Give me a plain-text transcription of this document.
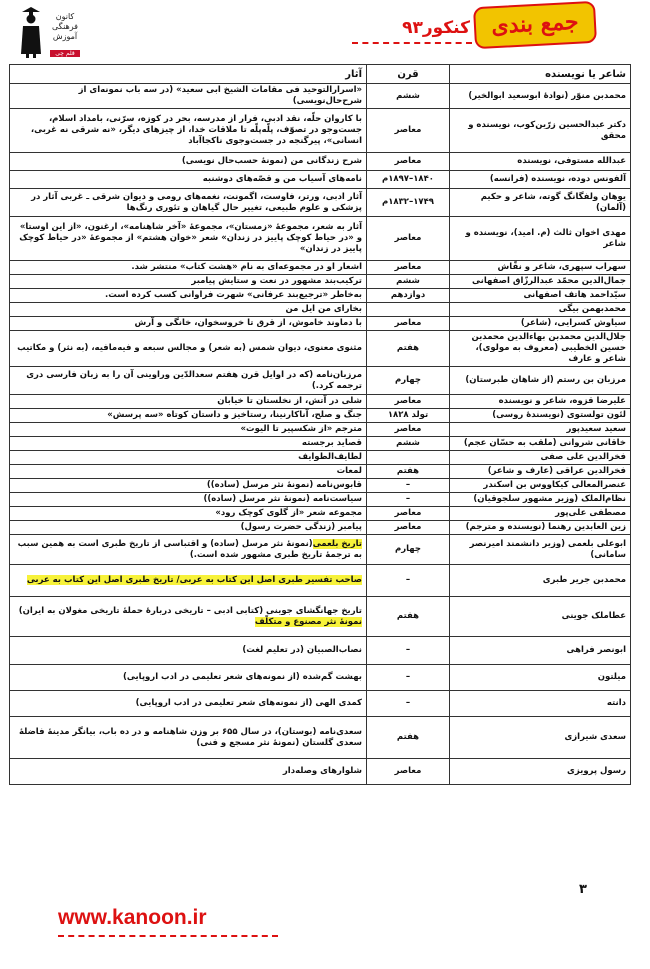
کانون
فرهنگی
آموزش
قلم چی
جمع بندی
کنکور۹۳
شاعر یا نویسنده	قرن	آثار
محمدبن منوّر (نوادهٔ ابوسعید ابوالخیر)	ششم	«اسرارالتوحید فی مقامات الشیخ ابی سعید» (در سه باب نمونه‌ای از شرح‌حال‌نویسی)
دکتر عبدالحسین زرّین‌کوب، نویسنده و محقق	معاصر	با کاروان حلّه، نقد ادبی، فرار از مدرسه، بحر در کوزه، سرّنی، بامداد اسلام، جست‌وجو در تصوّف، پلّه‌پلّه تا ملاقات خدا، از چیزهای دیگر، «نه شرقی نه غربی، انسانی»، پیرگنجه در جست‌وجوی ناکجاآباد
عبدالله مستوفی، نویسنده	معاصر	شرح زندگانی من (نمونهٔ حسب‌حال نویسی)
آلفونس دوده، نویسنده (فرانسه)	۱۸۴۰–۱۸۹۷م	نامه‌های آسیاب من و قصّه‌های دوشنبه
یوهان ولفگانگ گوته، شاعر و حکیم (آلمان)	۱۷۴۹–۱۸۳۲م	آثار ادبی، ورتر، فاوست، اگمونت، نغمه‌های رومی و دیوان شرقی ـ غربی آثار در پزشکی و علوم طبیعی، تغییر حال گیاهان و تئوری رنگ‌ها
مهدی اخوان ثالث (م. امید)، نویسنده و شاعر	معاصر	آثار به شعر، مجموعهٔ «زمستان»، مجموعهٔ «آخر شاهنامه»، ارغنون، «از این اوستا» و «در حیاط کوچک پاییز در زندان» شعر «خوان هشتم» از مجموعهٔ «در حیاط کوچک پاییز در زندان»
سهراب سپهری، شاعر و نقّاش	معاصر	اشعار او در مجموعه‌ای به نام «هشت کتاب» منتشر شد.
جمال‌الدین محمّد عبدالرزّاق اصفهانی	ششم	ترکیب‌بند مشهور در نعت و ستایش پیامبر
سیّداحمد هاتف اصفهانی	دوازدهم	به‌خاطر «ترجیع‌بند عرفانی» شهرت فراوانی کسب کرده است.
محمدبهمن بیگی		بخارای من ایل من
سیاوش کسرایی، (شاعر)	معاصر	با دماوند خاموش، از قرق تا خروسخوان، خانگی و آرش
جلال‌الدین محمدبن بهاءالدین محمدبن حسین الخطیبی (معروف به مولوی)، شاعر و عارف	هفتم	مثنوی معنوی، دیوان شمس (به شعر) و مجالس سبعه و فیه‌مافیه، (به نثر) و مکاتیب
مرزبان بن رستم (از شاهان طبرستان)	چهارم	مرزبان‌نامه (که در اوایل قرن هفتم سعدالدّین وراوینی آن را به زبان فارسی دری ترجمه کرد.)
علیرضا قزوه، شاعر و نویسنده	معاصر	شلی در آتش، از نخلستان تا خیابان
لئون تولستوی (نویسندهٔ روسی)	تولد ۱۸۲۸	جنگ و صلح، آناکارنینا، رستاخیز و داستان کوتاه «سه پرسش»
سعید سعیدپور	معاصر	مترجم «از شکسپیر تا الیوت»
خاقانی شروانی (ملقب به حسّان عجم)	ششم	قصاید برجسته
فخرالدین علی صفی		لطایف‌الطوایف
فخرالدین عراقی (عارف و شاعر)	هفتم	لمعات
عنصرالمعالی کیکاووس بن اسکندر	–	قابوس‌نامه (نمونهٔ نثر مرسل (ساده))
نظام‌الملک (وزیر مشهور سلجوقیان)	–	سیاست‌نامه (نمونهٔ نثر مرسل (ساده))
مصطفی علی‌پور	معاصر	مجموعه شعر «از گلوی کوچک رود»
زین العابدین رهنما (نویسنده و مترجم)	معاصر	پیامبر (زندگی حضرت رسول)
ابوعلی بلعمی (وزیر دانشمند امیرنصر سامانی)	چهارم	تاریخ بلعمی(نمونهٔ نثر مرسل (ساده) و اقتباسی از تاریخ طبری است به همین سبب به ترجمهٔ تاریخ طبری مشهور شده است.)
محمدبن جریر طبری	–	صاحب تفسیر طبری اصل این کتاب به عربی/ تاریخ طبری اصل این کتاب به عربی
عطاملک جوینی	هفتم	تاریخ جهانگشای جوینی (کتابی ادبی – تاریخی دربارهٔ حملهٔ تاریخی مغولان به ایران) نمونهٔ نثر مصنوع و متکلّف
ابونصر فراهی	–	نصاب‌الصبیان (در تعلیم لغت)
میلتون	–	بهشت گم‌شده (از نمونه‌های شعر تعلیمی در ادب اروپایی)
دانته	–	کمدی الهی (از نمونه‌های شعر تعلیمی در ادب اروپایی)
سعدی شیرازی	هفتم	سعدی‌نامه (بوستان)، در سال ۶۵۵ بر وزن شاهنامه و در ده باب، بیانگر مدینهٔ فاضلهٔ سعدی گلستان (نمونهٔ نثر مسجع و فنی)
رسول پرویزی	معاصر	شلوارهای وصله‌دار
۳
www.kanoon.ir
